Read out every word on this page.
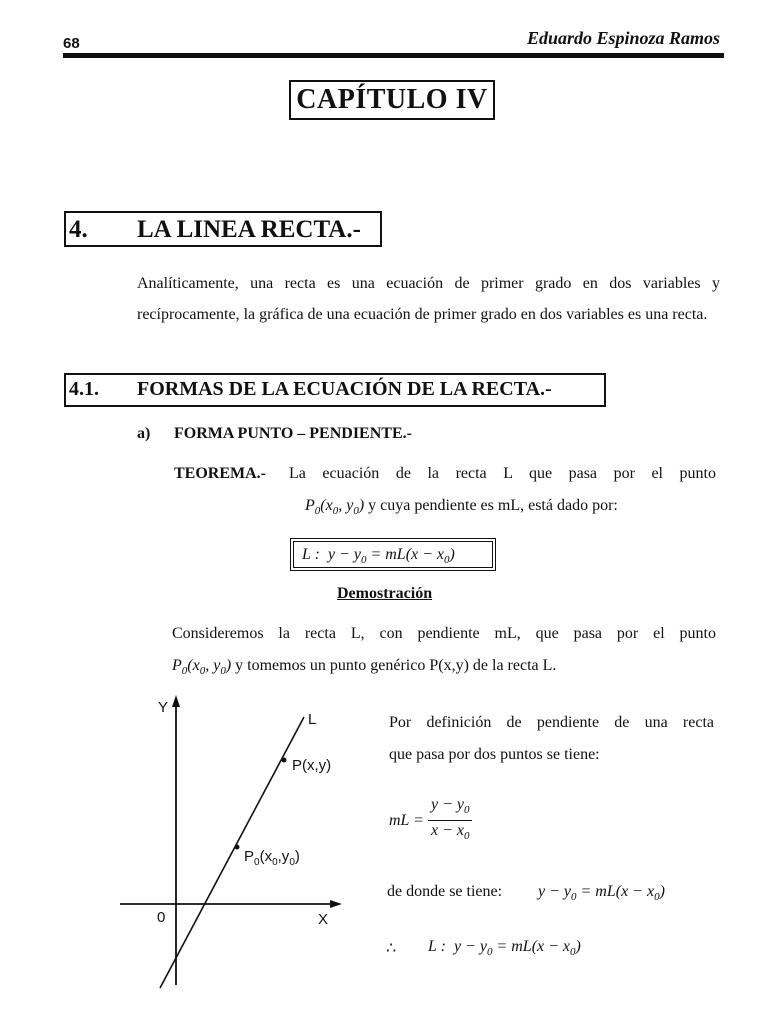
68	Eduardo Espinoza Ramos
CAPÍTULO IV
4. LA LINEA RECTA.-
Analíticamente, una recta es una ecuación de primer grado en dos variables y recíprocamente, la gráfica de una ecuación de primer grado en dos variables es una recta.
4.1. FORMAS DE LA ECUACIÓN DE LA RECTA.-
a) FORMA PUNTO – PENDIENTE.-
TEOREMA.- La ecuación de la recta L que pasa por el punto
$P_0(x_0$, $y_0$) y cuya pendiente es mL, está dado por:
L : $y - y_0 = mL(x - x_0)$
Demostración
Consideremos la recta L, con pendiente mL, que pasa por el punto
$P_0(x_0$, $y_0$) y tomemos un punto genérico P(x,y) de la recta L.
Y
X
0
L
P(x,y)
$P_0(x_0,y_0)$
Por definición de pendiente de una recta
que pasa por dos puntos se tiene:
mL = $\frac{y - y_0}{x - x_0}$
de donde se tiene: $y - y_0 = mL(x - x_0)$
∴ L : $y - y_0 = mL(x - x_0)$
